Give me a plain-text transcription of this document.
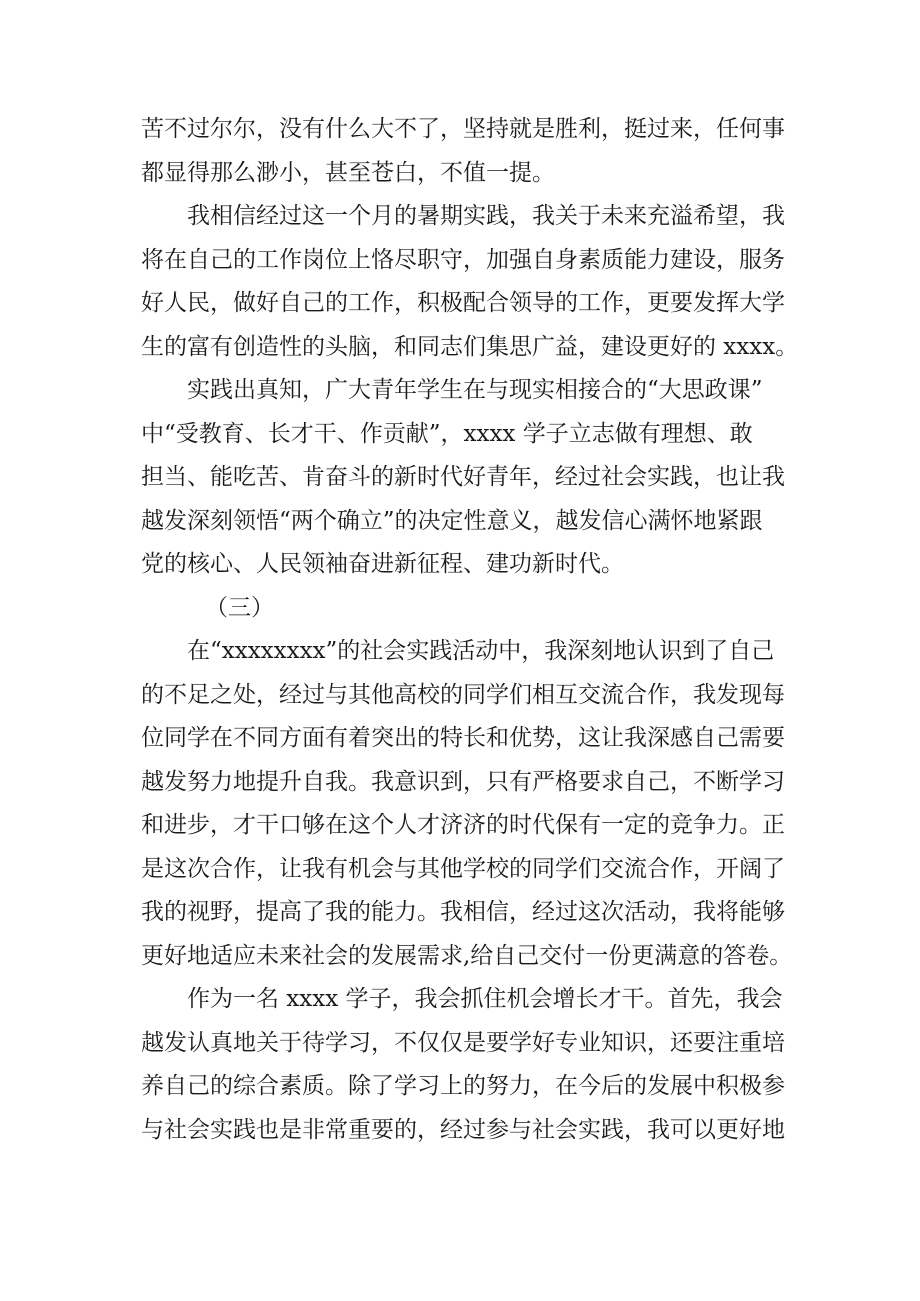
苦不过尔尔，没有什么大不了，坚持就是胜利，挺过来，任何事
都显得那么渺小，甚至苍白，不值一提。
我相信经过这一个月的暑期实践，我关于未来充溢希望，我
将在自己的工作岗位上恪尽职守，加强自身素质能力建设，服务
好人民，做好自己的工作，积极配合领导的工作，更要发挥大学
生的富有创造性的头脑，和同志们集思广益，建设更好的 xxxx。
实践出真知，广大青年学生在与现实相接合的“大思政课”
中“受教育、长才干、作贡献”，xxxx 学子立志做有理想、敢
担当、能吃苦、肯奋斗的新时代好青年，经过社会实践，也让我
越发深刻领悟“两个确立”的决定性意义，越发信心满怀地紧跟
党的核心、人民领袖奋进新征程、建功新时代。
（三）
在“xxxxxxxx”的社会实践活动中，我深刻地认识到了自己
的不足之处，经过与其他高校的同学们相互交流合作，我发现每
位同学在不同方面有着突出的特长和优势，这让我深感自己需要
越发努力地提升自我。我意识到，只有严格要求自己，不断学习
和进步，才干口够在这个人才济济的时代保有一定的竞争力。正
是这次合作，让我有机会与其他学校的同学们交流合作，开阔了
我的视野，提高了我的能力。我相信，经过这次活动，我将能够
更好地适应未来社会的发展需求,给自己交付一份更满意的答卷。
作为一名 xxxx 学子，我会抓住机会增长才干。首先，我会
越发认真地关于待学习，不仅仅是要学好专业知识，还要注重培
养自己的综合素质。除了学习上的努力，在今后的发展中积极参
与社会实践也是非常重要的，经过参与社会实践，我可以更好地
